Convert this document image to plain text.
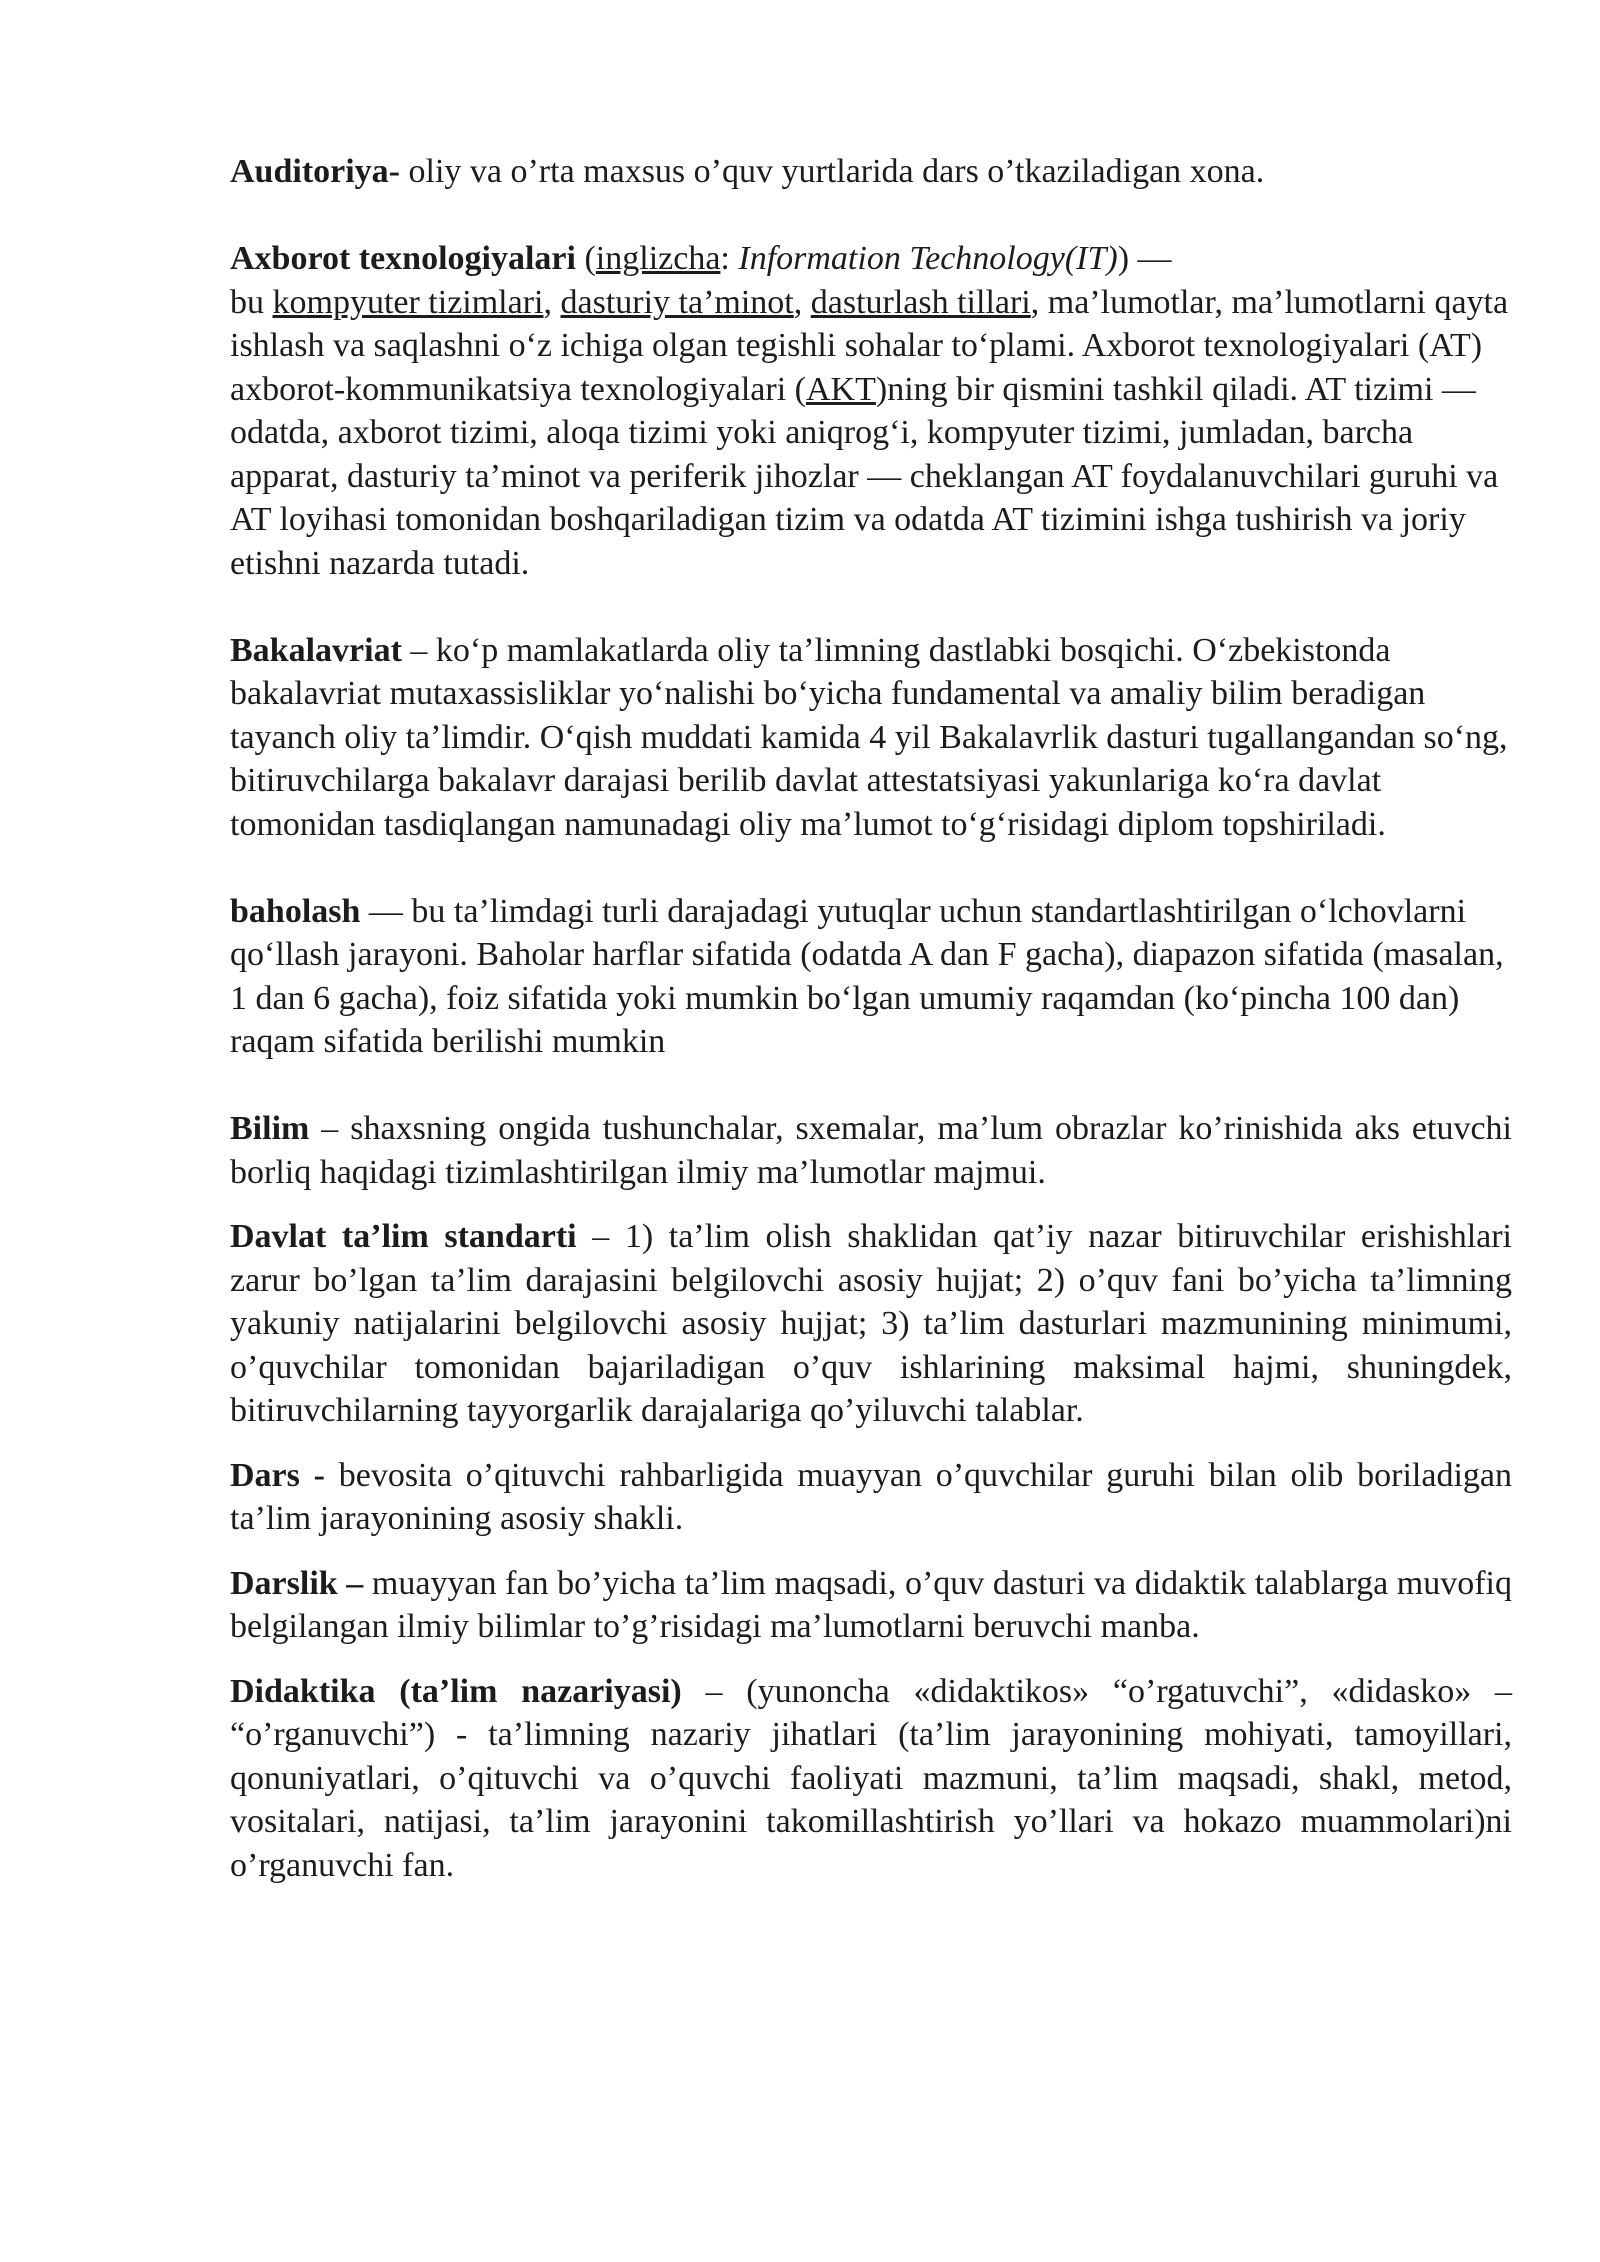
Auditoriya- oliy va o’rta maxsus o’quv yurtlarida dars o’tkaziladigan xona.

Axborot texnologiyalari (inglizcha: Information Technology(IT)) —
bu kompyuter tizimlari, dasturiy ta’minot, dasturlash tillari, ma’lumotlar, ma’lumotlarni qayta ishlash va saqlashni oʻz ichiga olgan tegishli sohalar toʻplami. Axborot texnologiyalari (AT) axborot-kommunikatsiya texnologiyalari (AKT)ning bir qismini tashkil qiladi. AT tizimi — odatda, axborot tizimi, aloqa tizimi yoki aniqrogʻi, kompyuter tizimi, jumladan, barcha apparat, dasturiy ta’minot va periferik jihozlar — cheklangan AT foydalanuvchilari guruhi va AT loyihasi tomonidan boshqariladigan tizim va odatda AT tizimini ishga tushirish va joriy etishni nazarda tutadi.

Bakalavriat – koʻp mamlakatlarda oliy taʼlimning dastlabki bosqichi. Oʻzbekistonda bakalavriat mutaxassisliklar yoʻnalishi boʻyicha fundamental va amaliy bilim beradigan tayanch oliy taʼlimdir. Oʻqish muddati kamida 4 yil Bakalavrlik dasturi tugallangandan soʻng, bitiruvchilarga bakalavr darajasi berilib davlat attestatsiyasi yakunlariga koʻra davlat tomonidan tasdiqlangan namunadagi oliy maʼlumot toʻgʻrisidagi diplom topshiriladi.

baholash — bu ta’limdagi turli darajadagi yutuqlar uchun standartlashtirilgan oʻlchovlarni qoʻllash jarayoni. Baholar harflar sifatida (odatda A dan F gacha), diapazon sifatida (masalan, 1 dan 6 gacha), foiz sifatida yoki mumkin boʻlgan umumiy raqamdan (koʻpincha 100 dan) raqam sifatida berilishi mumkin

Bilim – shaxsning ongida tushunchalar, sxemalar, ma’lum obrazlar ko’rinishida aks etuvchi borliq haqidagi tizimlashtirilgan ilmiy ma’lumotlar majmui.

Davlat ta’lim standarti – 1) ta’lim olish shaklidan qat’iy nazar bitiruvchilar erishishlari zarur bo’lgan ta’lim darajasini belgilovchi asosiy hujjat; 2) o’quv fani bo’yicha ta’limning yakuniy natijalarini belgilovchi asosiy hujjat; 3) ta’lim dasturlari mazmunining minimumi, o’quvchilar tomonidan bajariladigan o’quv ishlarining maksimal hajmi, shuningdek, bitiruvchilarning tayyorgarlik darajalariga qo’yiluvchi talablar.

Dars - bevosita o’qituvchi rahbarligida muayyan o’quvchilar guruhi bilan olib boriladigan ta’lim jarayonining asosiy shakli.

Darslik – muayyan fan bo’yicha ta’lim maqsadi, o’quv dasturi va didaktik talablarga muvofiq belgilangan ilmiy bilimlar to’g’risidagi ma’lumotlarni beruvchi manba.

Didaktika (ta’lim nazariyasi) – (yunoncha «didaktikos» “o’rgatuvchi”, «didasko» – “o’rganuvchi”) - ta’limning nazariy jihatlari (ta’lim jarayonining mohiyati, tamoyillari, qonuniyatlari, o’qituvchi va o’quvchi faoliyati mazmuni, ta’lim maqsadi, shakl, metod, vositalari, natijasi, ta’lim jarayonini takomillashtirish yo’llari va hokazo muammolari)ni o’rganuvchi fan.
